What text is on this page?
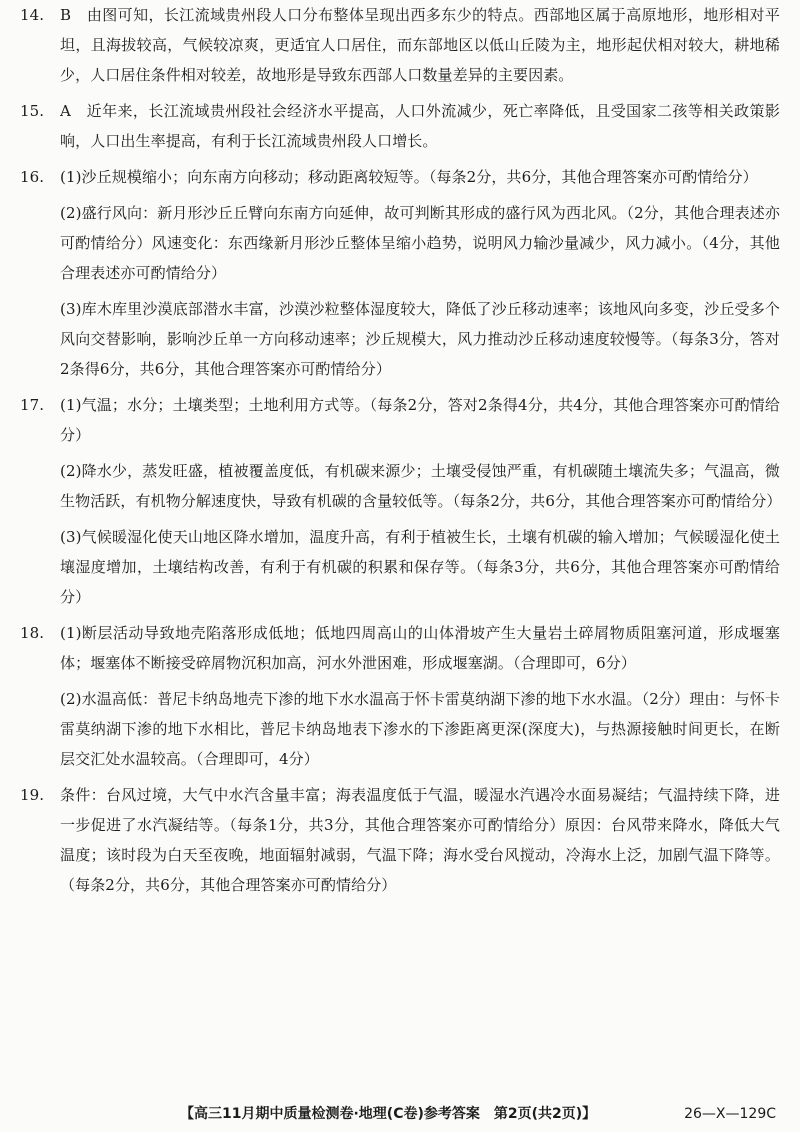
14.	B　由图可知，长江流域贵州段人口分布整体呈现出西多东少的特点。西部地区属于高原地形，地形相对平坦，且海拔较高，气候较凉爽，更适宜人口居住，而东部地区以低山丘陵为主，地形起伏相对较大，耕地稀少，人口居住条件相对较差，故地形是导致东西部人口数量差异的主要因素。

15.	A　近年来，长江流域贵州段社会经济水平提高，人口外流减少，死亡率降低，且受国家二孩等相关政策影响，人口出生率提高，有利于长江流域贵州段人口增长。

16.	(1)沙丘规模缩小；向东南方向移动；移动距离较短等。（每条2分，共6分，其他合理答案亦可酌情给分）

(2)盛行风向：新月形沙丘丘臂向东南方向延伸，故可判断其形成的盛行风为西北风。（2分，其他合理表述亦可酌情给分）风速变化：东西缘新月形沙丘整体呈缩小趋势，说明风力输沙量减少，风力减小。（4分，其他合理表述亦可酌情给分）

(3)库木库里沙漠底部潜水丰富，沙漠沙粒整体湿度较大，降低了沙丘移动速率；该地风向多变，沙丘受多个风向交替影响，影响沙丘单一方向移动速率；沙丘规模大，风力推动沙丘移动速度较慢等。（每条3分，答对2条得6分，共6分，其他合理答案亦可酌情给分）

17.	(1)气温；水分；土壤类型；土地利用方式等。（每条2分，答对2条得4分，共4分，其他合理答案亦可酌情给分）

(2)降水少，蒸发旺盛，植被覆盖度低，有机碳来源少；土壤受侵蚀严重，有机碳随土壤流失多；气温高，微生物活跃，有机物分解速度快，导致有机碳的含量较低等。（每条2分，共6分，其他合理答案亦可酌情给分）

(3)气候暖湿化使天山地区降水增加，温度升高，有利于植被生长，土壤有机碳的输入增加；气候暖湿化使土壤湿度增加，土壤结构改善，有利于有机碳的积累和保存等。（每条3分，共6分，其他合理答案亦可酌情给分）

18.	(1)断层活动导致地壳陷落形成低地；低地四周高山的山体滑坡产生大量岩土碎屑物质阻塞河道，形成堰塞体；堰塞体不断接受碎屑物沉积加高，河水外泄困难，形成堰塞湖。（合理即可，6分）

(2)水温高低：普尼卡纳岛地壳下渗的地下水水温高于怀卡雷莫纳湖下渗的地下水水温。（2分）理由：与怀卡雷莫纳湖下渗的地下水相比，普尼卡纳岛地表下渗水的下渗距离更深(深度大)，与热源接触时间更长，在断层交汇处水温较高。（合理即可，4分）

19.	条件：台风过境，大气中水汽含量丰富；海表温度低于气温，暖湿水汽遇冷水面易凝结；气温持续下降，进一步促进了水汽凝结等。（每条1分，共3分，其他合理答案亦可酌情给分）原因：台风带来降水，降低大气温度；该时段为白天至夜晚，地面辐射减弱，气温下降；海水受台风搅动，冷海水上泛，加剧气温下降等。（每条2分，共6分，其他合理答案亦可酌情给分）

【高三11月期中质量检测卷·地理(C卷)参考答案　第2页(共2页)】	26—X—129C
